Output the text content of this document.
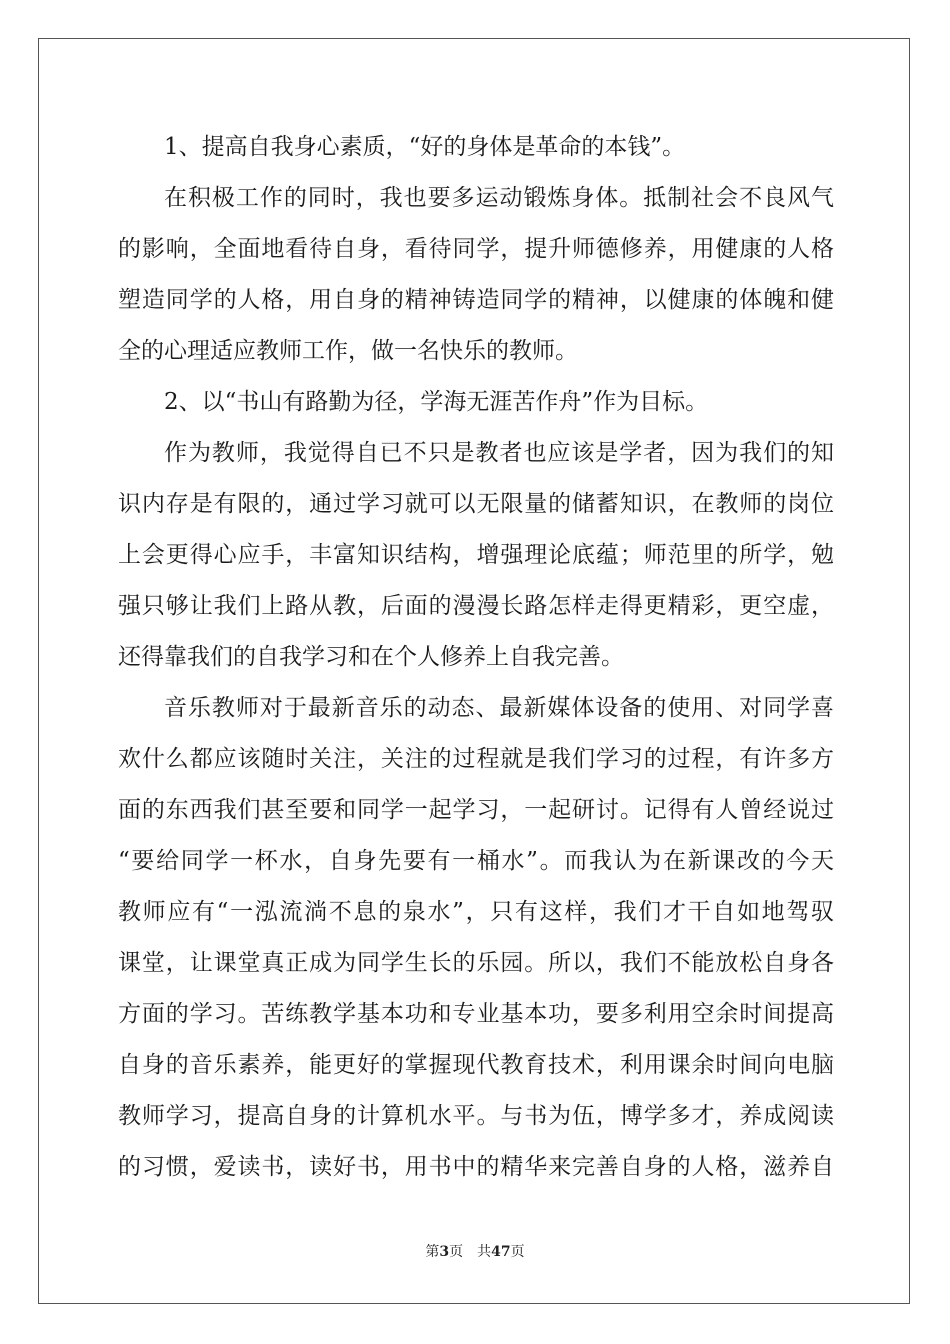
1、提高自我身心素质，“好的身体是革命的本钱”。
在积极工作的同时，我也要多运动锻炼身体。抵制社会不良风气
的影响，全面地看待自身，看待同学，提升师德修养，用健康的人格
塑造同学的人格，用自身的精神铸造同学的精神，以健康的体魄和健
全的心理适应教师工作，做一名快乐的教师。
2、以“书山有路勤为径，学海无涯苦作舟”作为目标。
作为教师，我觉得自已不只是教者也应该是学者，因为我们的知
识内存是有限的，通过学习就可以无限量的储蓄知识，在教师的岗位
上会更得心应手，丰富知识结构，增强理论底蕴；师范里的所学，勉
强只够让我们上路从教，后面的漫漫长路怎样走得更精彩，更空虚，
还得靠我们的自我学习和在个人修养上自我完善。
音乐教师对于最新音乐的动态、最新媒体设备的使用、对同学喜
欢什么都应该随时关注，关注的过程就是我们学习的过程，有许多方
面的东西我们甚至要和同学一起学习，一起研讨。记得有人曾经说过
“要给同学一杯水，自身先要有一桶水”。而我认为在新课改的今天
教师应有“一泓流淌不息的泉水”，只有这样，我们才干自如地驾驭
课堂，让课堂真正成为同学生长的乐园。所以，我们不能放松自身各
方面的学习。苦练教学基本功和专业基本功，要多利用空余时间提高
自身的音乐素养，能更好的掌握现代教育技术，利用课余时间向电脑
教师学习，提高自身的计算机水平。与书为伍，博学多才，养成阅读
的习惯，爱读书，读好书，用书中的精华来完善自身的人格，滋养自
第3页 共47页
